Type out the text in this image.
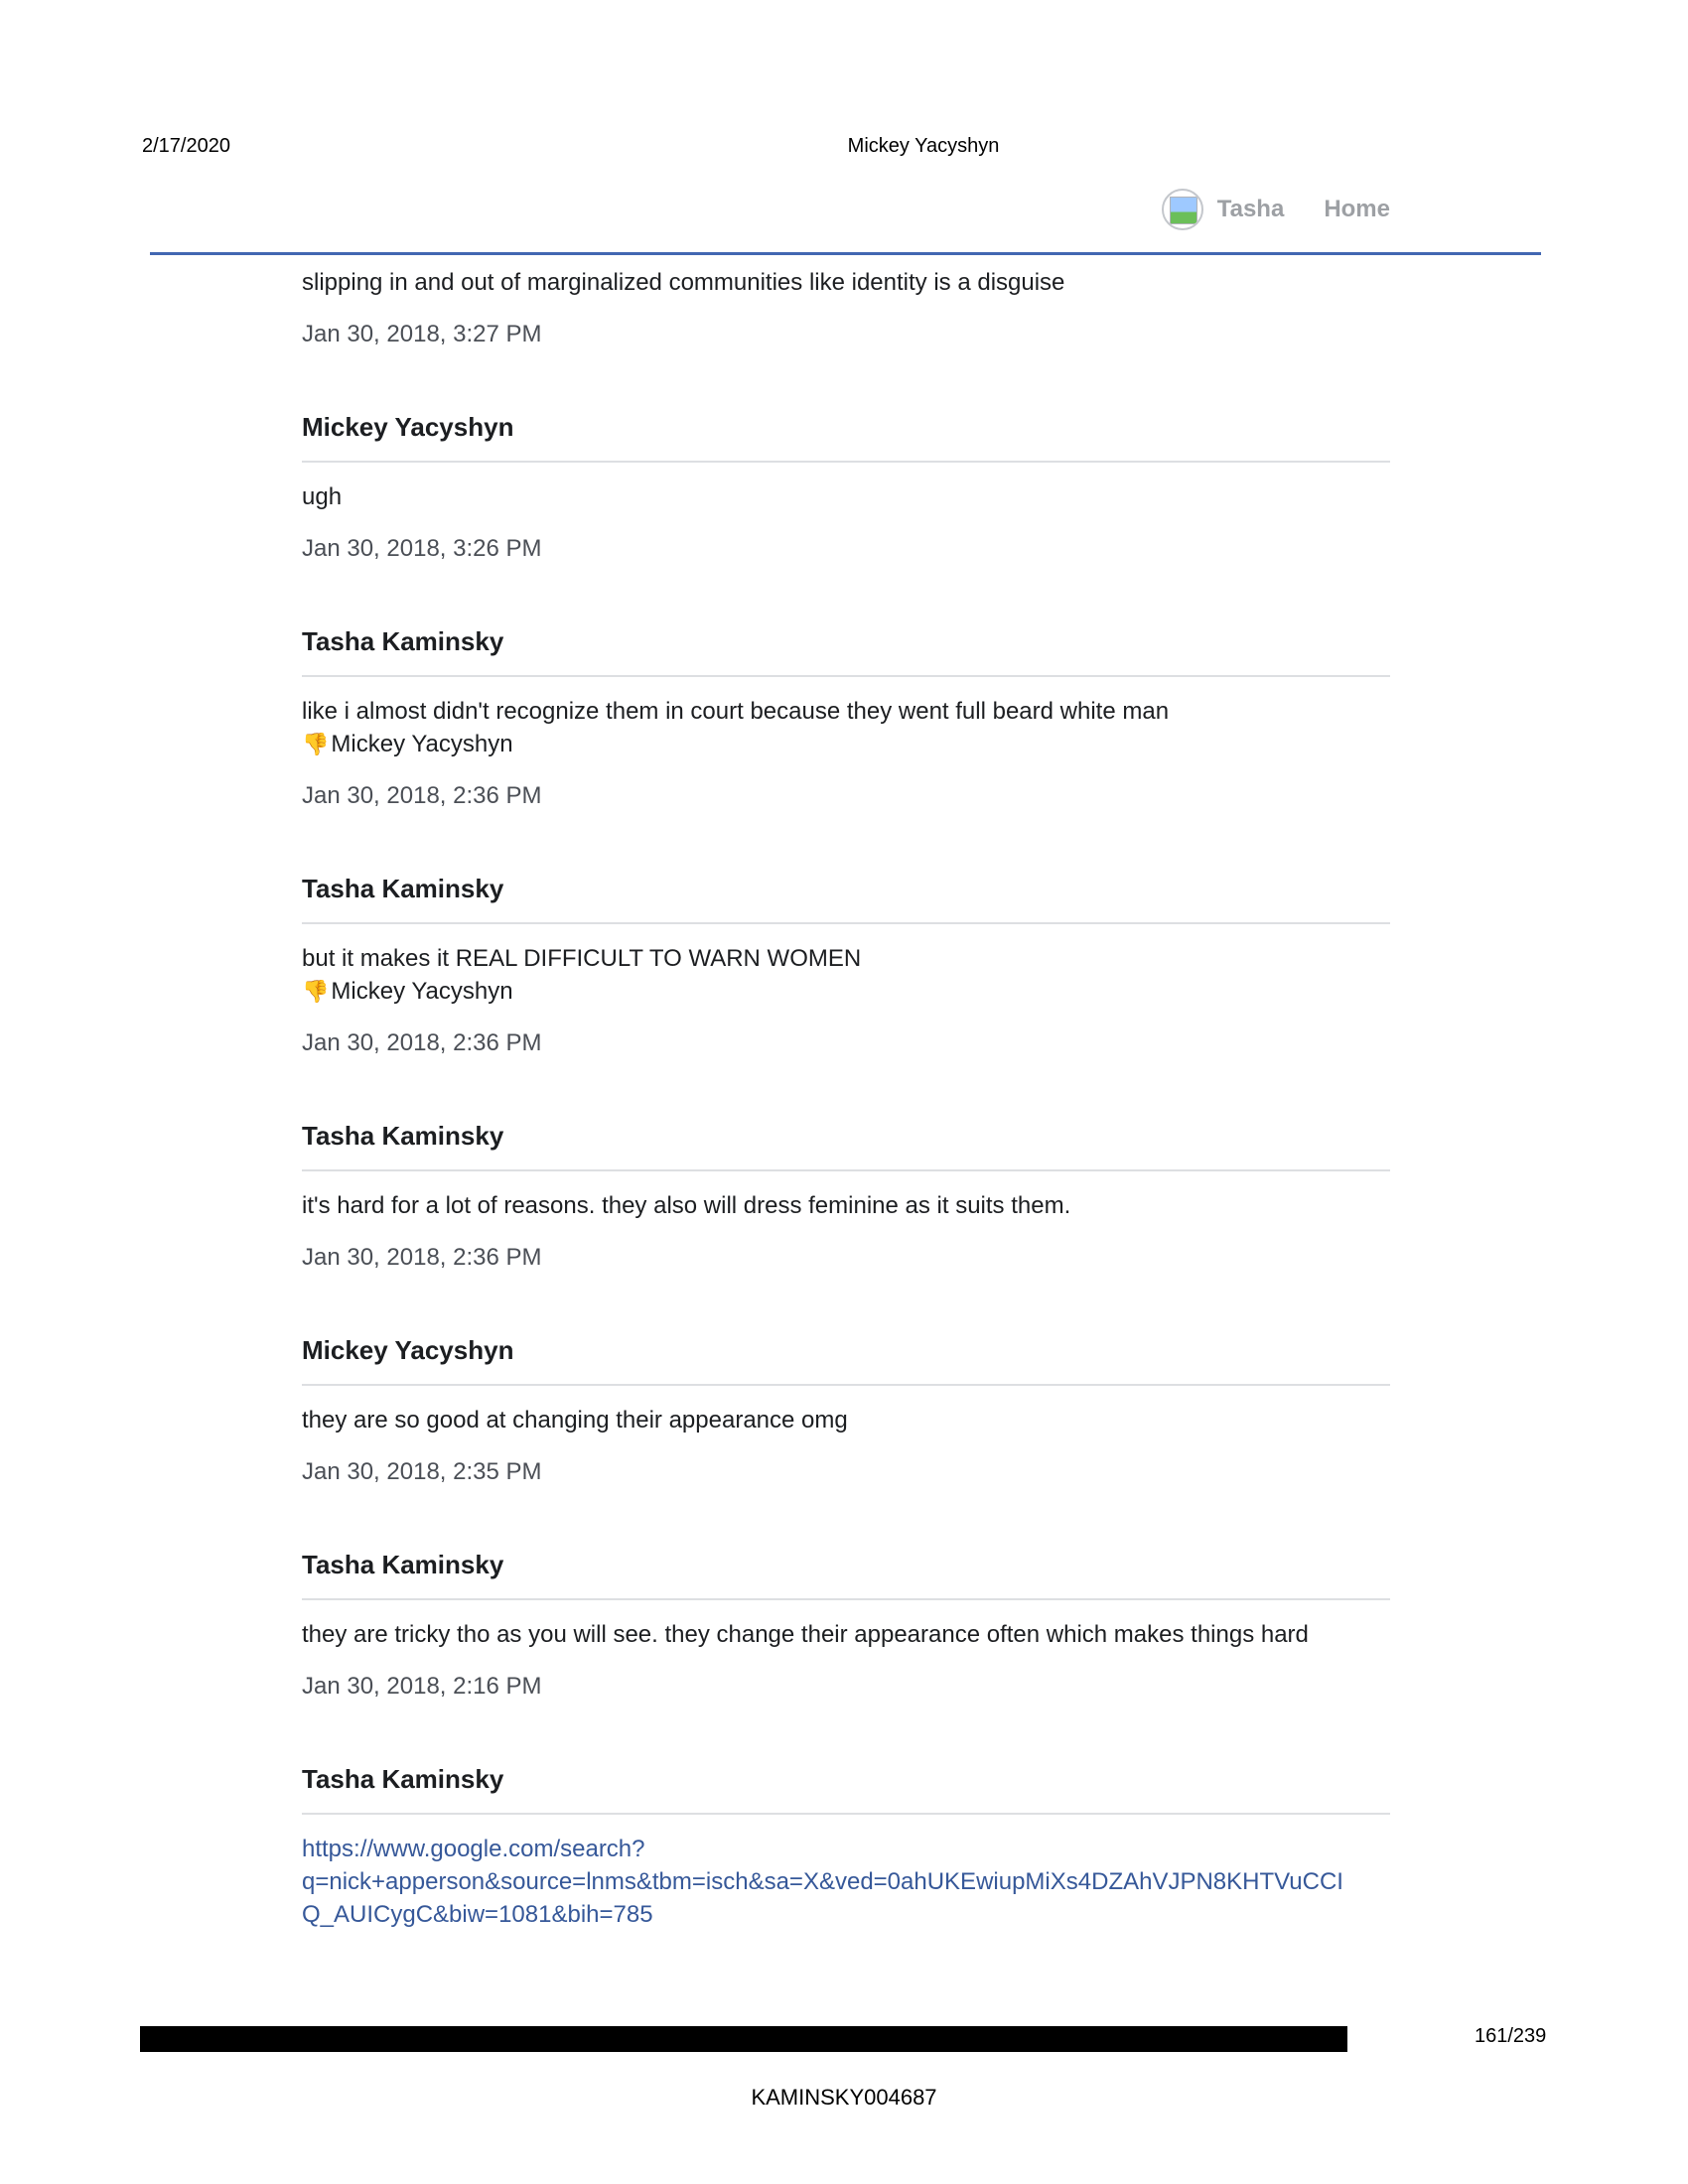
2/17/2020	Mickey Yacyshyn
Tasha Home
slipping in and out of marginalized communities like identity is a disguise
Jan 30, 2018, 3:27 PM
Mickey Yacyshyn
ugh
Jan 30, 2018, 3:26 PM
Tasha Kaminsky
like i almost didn't recognize them in court because they went full beard white man
👎 Mickey Yacyshyn
Jan 30, 2018, 2:36 PM
Tasha Kaminsky
but it makes it REAL DIFFICULT TO WARN WOMEN
👎 Mickey Yacyshyn
Jan 30, 2018, 2:36 PM
Tasha Kaminsky
it's hard for a lot of reasons. they also will dress feminine as it suits them.
Jan 30, 2018, 2:36 PM
Mickey Yacyshyn
they are so good at changing their appearance omg
Jan 30, 2018, 2:35 PM
Tasha Kaminsky
they are tricky tho as you will see. they change their appearance often which makes things hard
Jan 30, 2018, 2:16 PM
Tasha Kaminsky
https://www.google.com/search?
q=nick+apperson&source=lnms&tbm=isch&sa=X&ved=0ahUKEwiupMiXs4DZAhVJPN8KHTVuCCI
Q_AUICygC&biw=1081&bih=785
161/239
KAMINSKY004687
